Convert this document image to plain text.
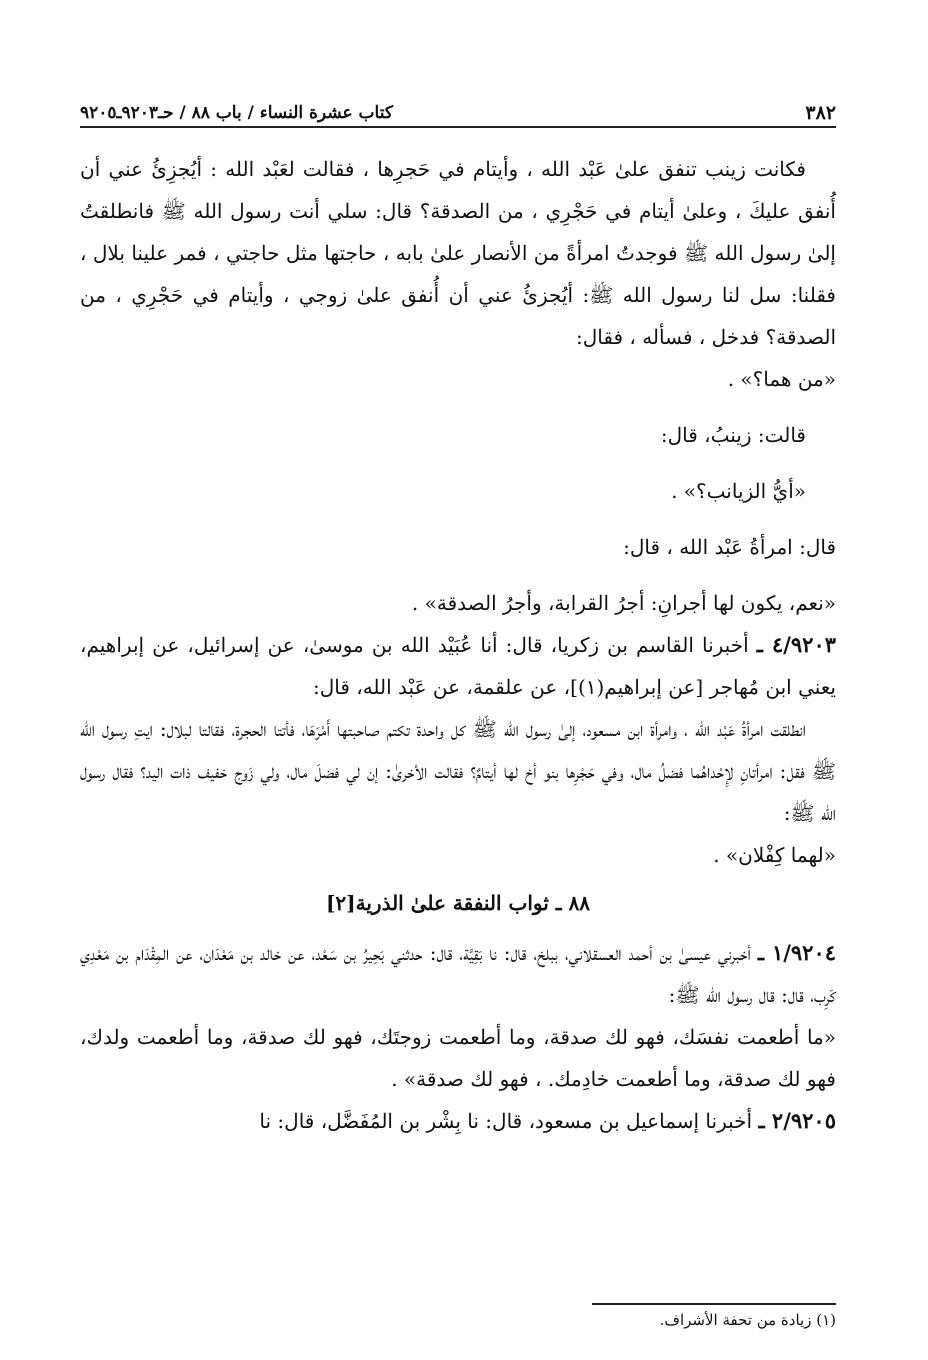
٣٨٢
كتاب عشرة النساء / باب ٨٨ / حـ٩٢٠٣ـ٩٢٠٥

فكانت زينب تنفق علىٰ عَبْد الله ، وأيتام في حَجرِها ، فقالت لعَبْد الله : أيُجزِئُ عني أن أُنفق عليكَ ، وعلىٰ أيتام في حَجْرِي ، من الصدقة؟ قال: سلي أنت رسول الله ﷺ فانطلقتُ إلىٰ رسول الله ﷺ فوجدتُ امرأةً من الأنصار علىٰ بابه ، حاجتها مثل حاجتي ، فمر علينا بلال ، فقلنا: سل لنا رسول الله ﷺ: أيُجزئُ عني أن أُنفق علىٰ زوجي ، وأيتام في حَجْرِي ، من الصدقة؟ فدخل ، فسأله ، فقال:

«من هما؟» .

قالت: زينبُ، قال:

«أيُّ الزيانب؟» .

قال: امرأةُ عَبْد الله ، قال:

«نعم، يكون لها أجرانِ: أجرُ القرابة، وأجرُ الصدقة» .

٤/٩٢٠٣ ـ أخبرنا القاسم بن زكريا، قال: أنا عُبَيْد الله بن موسىٰ، عن إسرائيل، عن إبراهيم، يعني ابن مُهاجر [عن إبراهيم(١)]، عن علقمة، عن عَبْد الله، قال:

انطلقت امرأةُ عَبْد الله ، وامرأة ابن مسعود، إلىٰ رسول الله ﷺ كل واحدة تكتم صاحبتها أَمْرَهَا، فأتتا الحجرة، فقالتا لبلال: ايتِ رسول الله ﷺ فقل: امرأتانِ لإِحْداهُما فضلُ مال، وفي حَجْرِها بنو أخ لها أيتامٌ؟ فقالت الأخرىٰ: إن لي فضلَ مال، ولي زَوج خفيف ذات اليد؟ فقال رسول الله ﷺ:

«لهما كِفْلان» .

٨٨ ـ ثواب النفقة علىٰ الذرية[٢]

١/٩٢٠٤ ـ أخبرني عيسىٰ بن أحمد العسقلاني، ببلخ، قال: نا بَقِيَّة، قال: حدثني بَحِيرُ بن سَعْد، عن خالد بن مَعْدَان، عن المِقْدَام بن مَعْدِي كَرِب، قال: قال رسول الله ﷺ:

«ما أطعمت نفسَك، فهو لك صدقة، وما أطعمت زوجتَك، فهو لك صدقة، وما أطعمت ولدك، فهو لك صدقة، وما أطعمت خادِمك. ، فهو لك صدقة» .

٢/٩٢٠٥ ـ أخبرنا إسماعيل بن مسعود، قال: نا بِشْر بن المُفَضَّل، قال: نا

(١) زيادة من تحفة الأشراف.
